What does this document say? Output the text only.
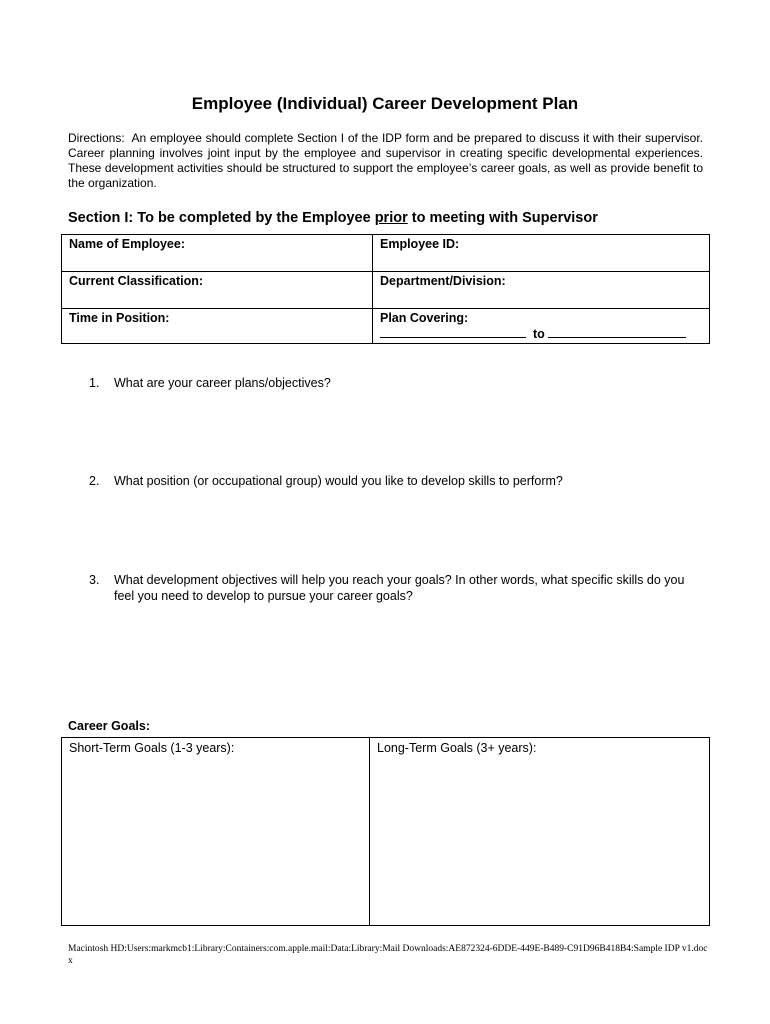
Employee (Individual) Career Development Plan

Directions: An employee should complete Section I of the IDP form and be prepared to discuss it with their supervisor. Career planning involves joint input by the employee and supervisor in creating specific developmental experiences. These development activities should be structured to support the employee’s career goals, as well as provide benefit to the organization.

Section I: To be completed by the Employee prior to meeting with Supervisor
Name of Employee:	Employee ID:
Current Classification:	Department/Division:
Time in Position:	Plan Covering:
to
1. What are your career plans/objectives?
2. What position (or occupational group) would you like to develop skills to perform?
3. What development objectives will help you reach your goals? In other words, what specific skills do you feel you need to develop to pursue your career goals?
Career Goals:
Short-Term Goals (1-3 years):	Long-Term Goals (3+ years):
Macintosh HD:Users:markmcb1:Library:Containers:com.apple.mail:Data:Library:Mail Downloads:AE872324-6DDE-449E-B489-C91D96B418B4:Sample IDP v1.docx
